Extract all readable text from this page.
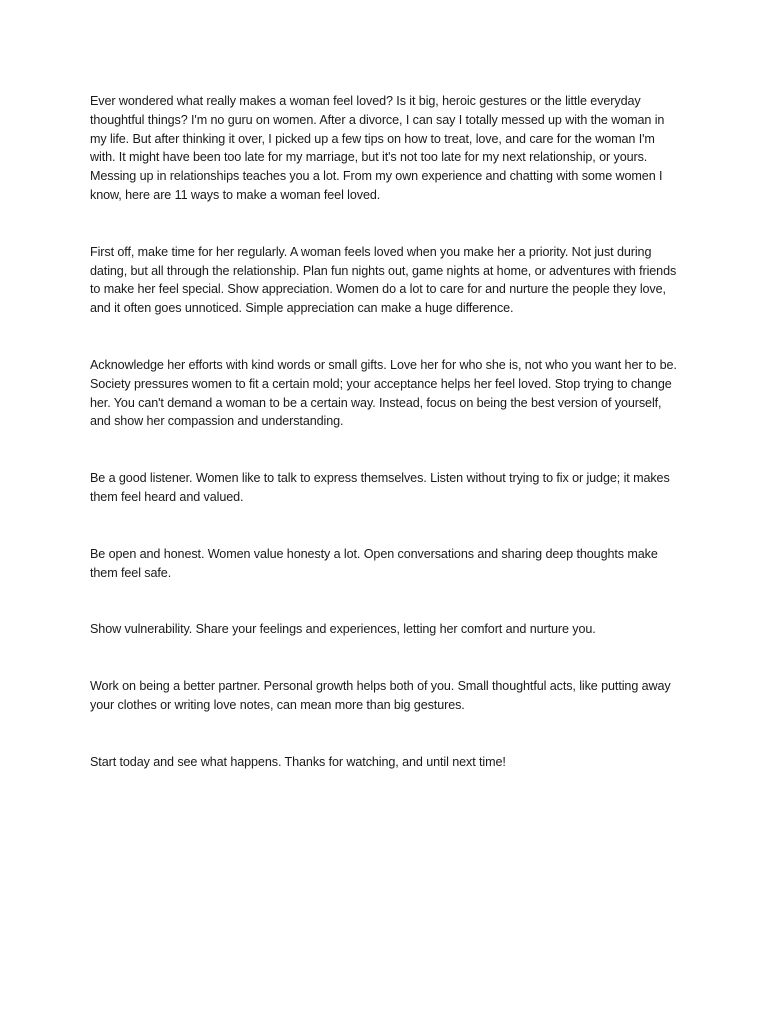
Ever wondered what really makes a woman feel loved? Is it big, heroic gestures or the little everyday thoughtful things? I'm no guru on women. After a divorce, I can say I totally messed up with the woman in my life. But after thinking it over, I picked up a few tips on how to treat, love, and care for the woman I'm with. It might have been too late for my marriage, but it's not too late for my next relationship, or yours. Messing up in relationships teaches you a lot. From my own experience and chatting with some women I know, here are 11 ways to make a woman feel loved.

First off, make time for her regularly. A woman feels loved when you make her a priority. Not just during dating, but all through the relationship. Plan fun nights out, game nights at home, or adventures with friends to make her feel special. Show appreciation. Women do a lot to care for and nurture the people they love, and it often goes unnoticed. Simple appreciation can make a huge difference.

Acknowledge her efforts with kind words or small gifts. Love her for who she is, not who you want her to be. Society pressures women to fit a certain mold; your acceptance helps her feel loved. Stop trying to change her. You can't demand a woman to be a certain way. Instead, focus on being the best version of yourself, and show her compassion and understanding.

Be a good listener. Women like to talk to express themselves. Listen without trying to fix or judge; it makes them feel heard and valued.

Be open and honest. Women value honesty a lot. Open conversations and sharing deep thoughts make them feel safe.

Show vulnerability. Share your feelings and experiences, letting her comfort and nurture you.

Work on being a better partner. Personal growth helps both of you. Small thoughtful acts, like putting away your clothes or writing love notes, can mean more than big gestures.

Start today and see what happens. Thanks for watching, and until next time!
